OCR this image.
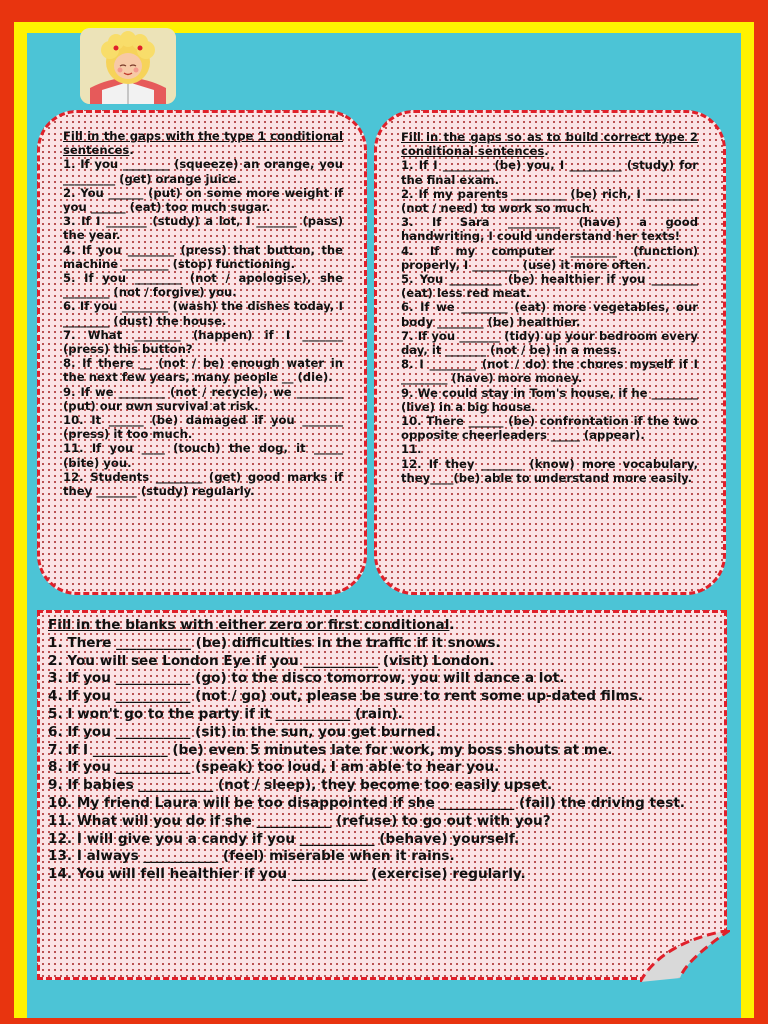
Fill in the gaps with the type 1 conditional sentences.

1. If you ________ (squeeze) an orange, you _________ (get) orange juice.

2. You ______ (put) on some more weight if you ______ (eat) too much sugar.

3. If I _______ (study) a lot, I _______ (pass) the year.

4. If you ________ (press) that button, the machine ________ (stop) functioning.

5. If you ________ (not / apologise), she ________ (not / forgive) you.

6. If you ________ (wash) the dishes today, I ________ (dust) the house.

7. What ________ (happen) if I _______ (press) this button?

8. If there __ (not / be) enough water in the next few years, many people __ (die).

9. If we ________ (not / recycle), we ________ (put) our own survival at risk.

10. It ______ (be) damaged if you _______ (press) it too much.

11. If you ____ (touch) the dog, it _____ (bite) you.

12. Students ________ (get) good marks if they _______ (study) regularly.

Fill in the gaps so as to build correct type 2 conditional sentences.

1. If I ________ (be) you, I _________ (study) for the final exam.

2. If my parents _________ (be) rich, I _________ (not / need) to work so much.

3. If Sara _________ (have) a good handwriting, I could understand her texts!

4. If my computer ________ (function) properly, I ________ (use) it more often.

5. You _________ (be) healthier if you ________ (eat) less red meat.

6. If we ________ (eat) more vegetables, our body ________ (be) healthier.

7. If you _______ (tidy) up your bedroom every day, it _______ (not / be) in a mess.

8. I ________ (not / do) the chores myself if I ________ (have) more money.

9. We could stay in Tom's house, if he ________ (live) in a big house.

10. There ______ (be) confrontation if the two opposite cheerleaders _____ (appear).

11.

12. If they _______ (know) more vocabulary, they____(be) able to understand more easily.

Fill in the blanks with either zero or first conditional.

1. There ___________ (be) difficulties in the traffic if it snows.

2. You will see London Eye if you ___________ (visit) London.

3. If you ___________ (go) to the disco tomorrow, you will dance a lot.

4. If you ___________ (not / go) out, please be sure to rent some up-dated films.

5. I won't go to the party if it ___________ (rain).

6. If you ___________ (sit) in the sun, you get burned.

7. If I ___________ (be) even 5 minutes late for work, my boss shouts at me.

8. If you ___________ (speak) too loud, I am able to hear you.

9. If babies ___________ (not / sleep), they become too easily upset.

10. My friend Laura will be too disappointed if she ___________ (fail) the driving test.

11. What will you do if she ___________ (refuse) to go out with you?

12. I will give you a candy if you ___________ (behave) yourself.

13. I always ___________ (feel) miserable when it rains.

14. You will fell healthier if you ___________ (exercise) regularly.
